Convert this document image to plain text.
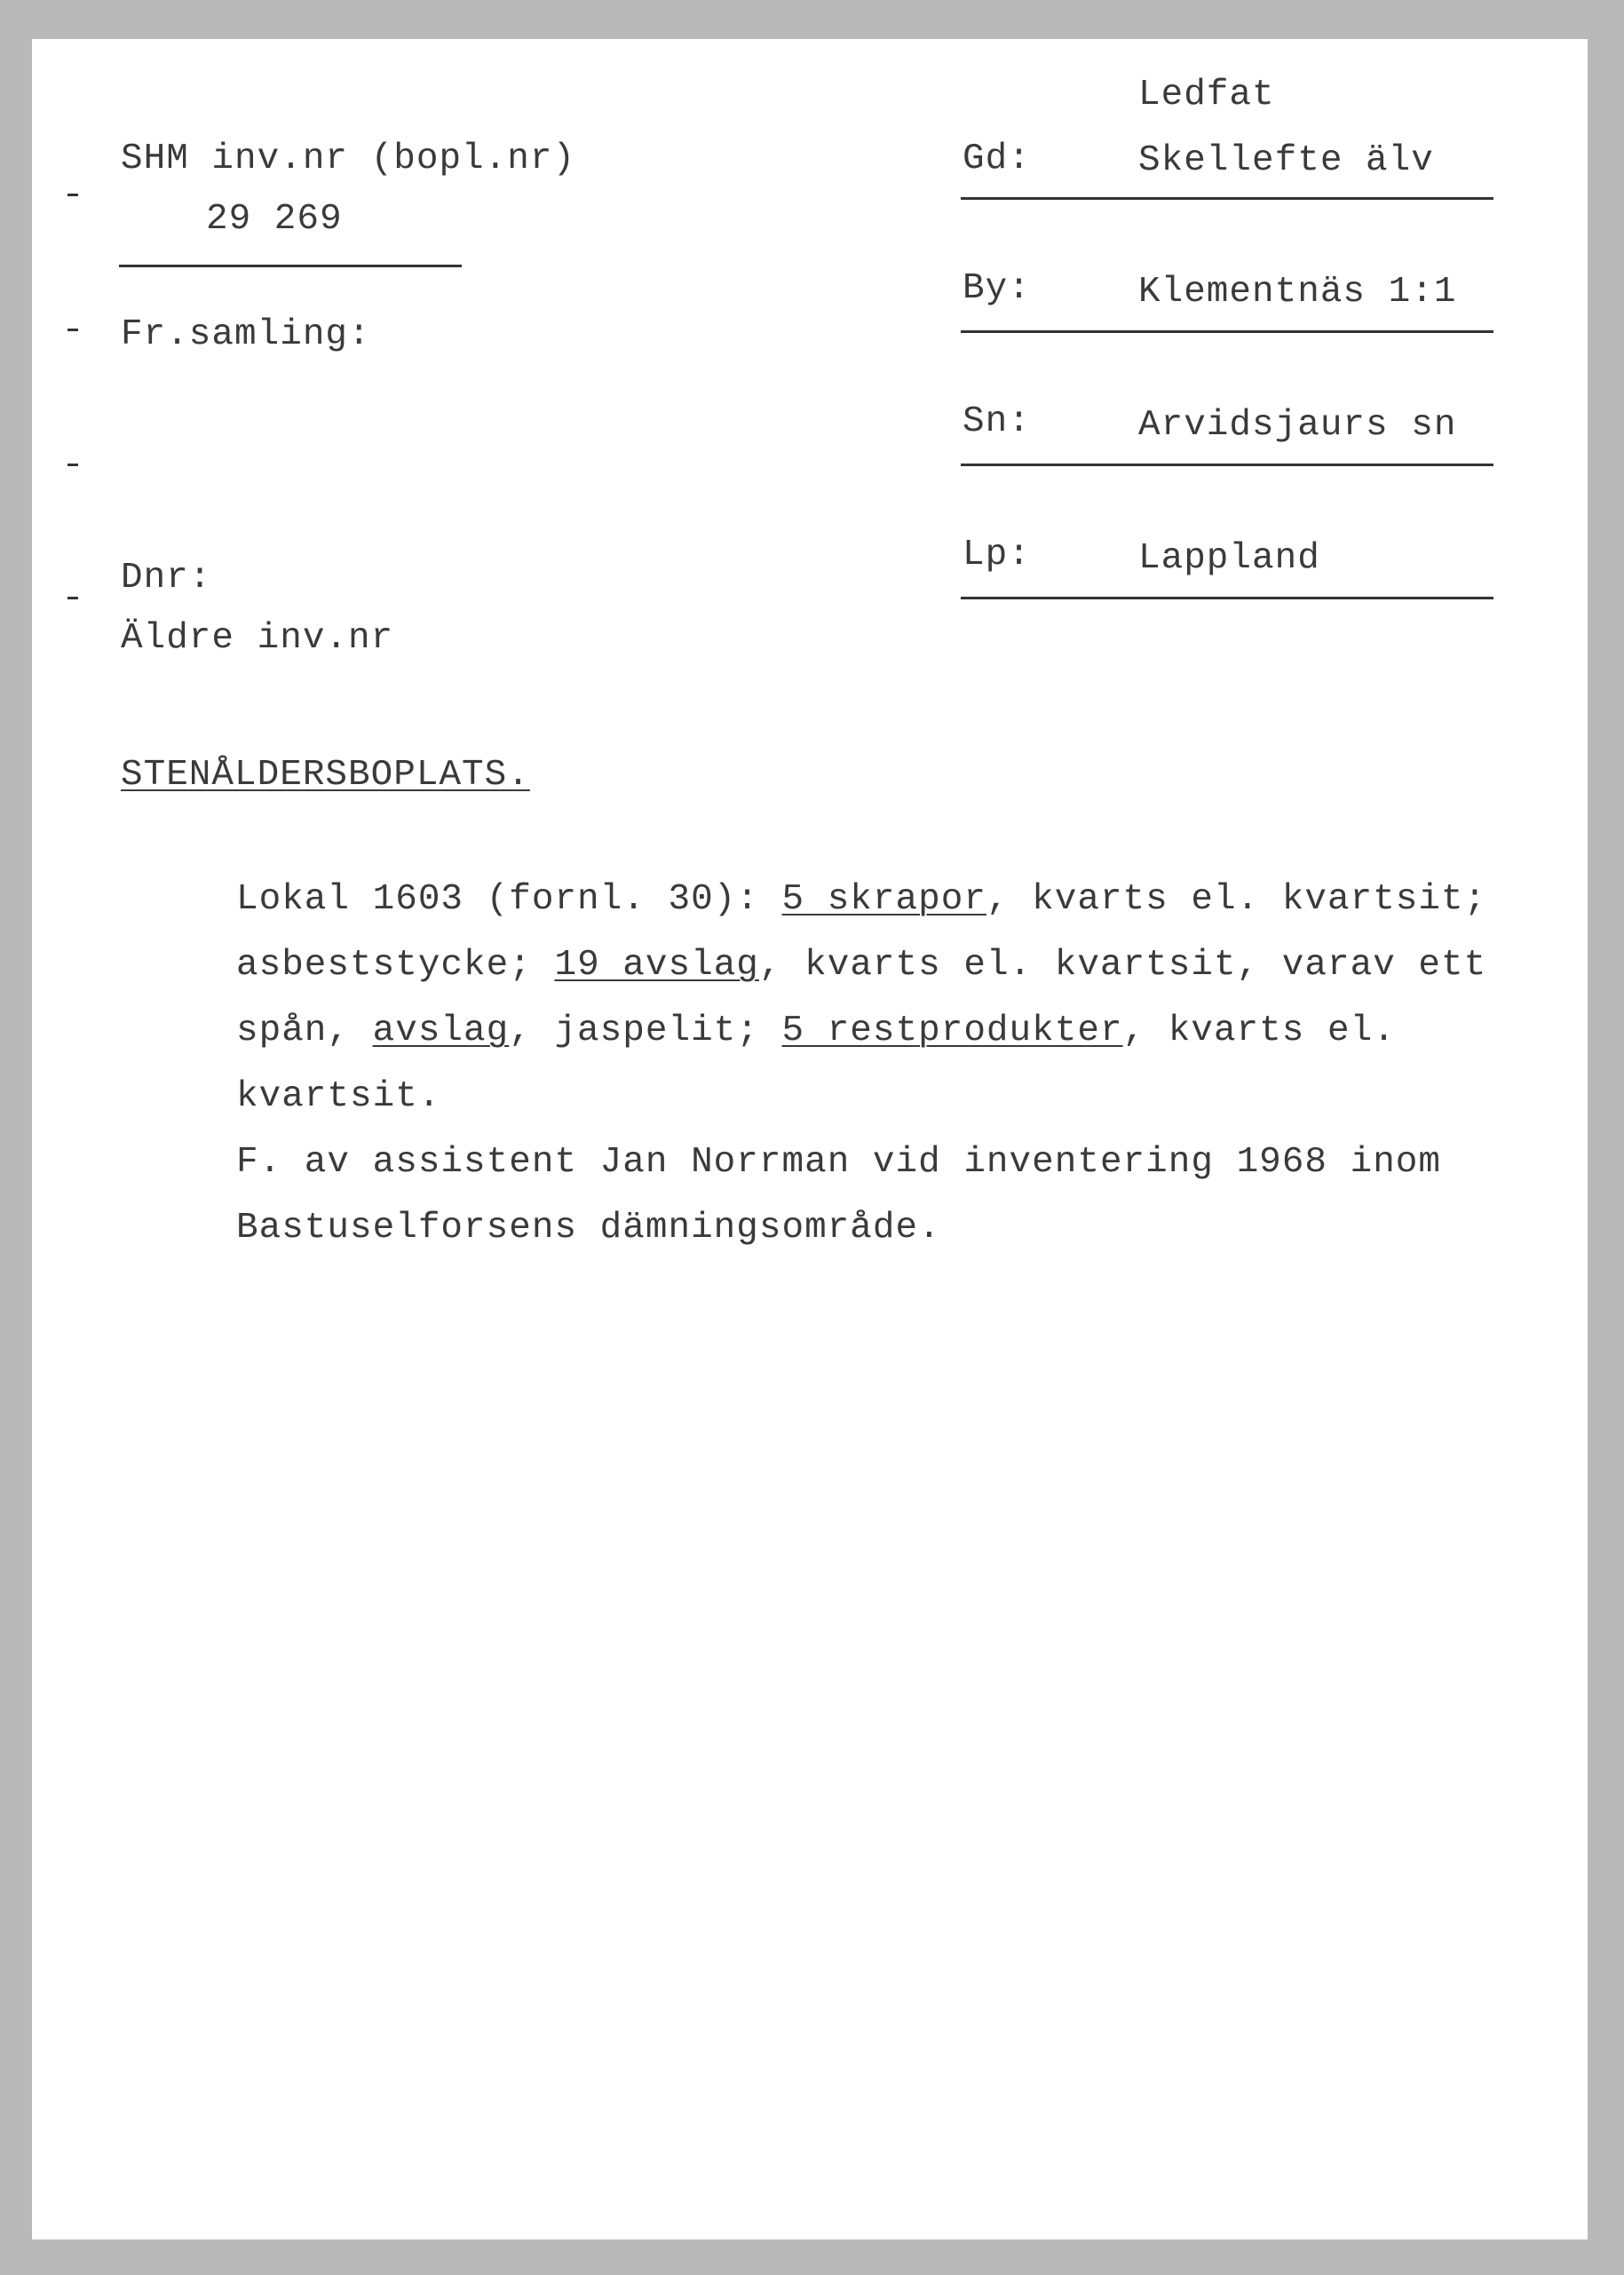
SHM inv.nr (bopl.nr)
29 269
Fr.samling:
Dnr:
Äldre inv.nr
Ledfat
Gd:	Skellefte älv
By:	Klementnäs 1:1
Sn:	Arvidsjaurs sn
Lp:	Lappland
STENÅLDERSBOPLATS.
Lokal 1603 (fornl. 30): 5 skrapor, kvarts el. kvartsit;
asbeststycke; 19 avslag, kvarts el. kvartsit, varav ett
spån, avslag, jaspelit; 5 restprodukter, kvarts el.
kvartsit.
F. av assistent Jan Norrman vid inventering 1968 inom
Bastuselforsens dämningsområde.
